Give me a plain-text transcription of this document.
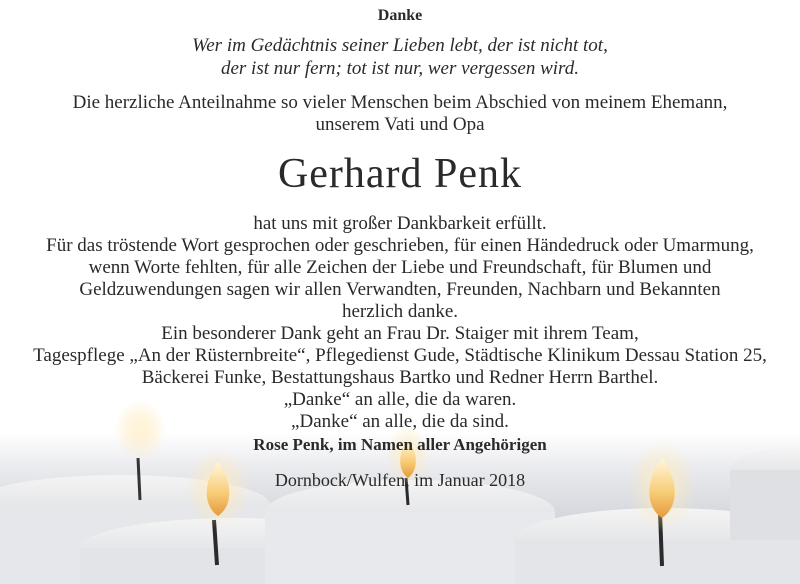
Danke
Wer im Gedächtnis seiner Lieben lebt, der ist nicht tot,
der ist nur fern; tot ist nur, wer vergessen wird.
Die herzliche Anteilnahme so vieler Menschen beim Abschied von meinem Ehemann,
unserem Vati und Opa
Gerhard Penk
hat uns mit großer Dankbarkeit erfüllt.
Für das tröstende Wort gesprochen oder geschrieben, für einen Händedruck oder Umarmung,
wenn Worte fehlten, für alle Zeichen der Liebe und Freundschaft, für Blumen und
Geldzuwendungen sagen wir allen Verwandten, Freunden, Nachbarn und Bekannten
herzlich danke.
Ein besonderer Dank geht an Frau Dr. Staiger mit ihrem Team,
Tagespflege „An der Rüsternbreite“, Pflegedienst Gude, Städtische Klinikum Dessau Station 25,
Bäckerei Funke, Bestattungshaus Bartko und Redner Herrn Barthel.
„Danke“ an alle, die da waren.
„Danke“ an alle, die da sind.
Rose Penk, im Namen aller Angehörigen
Dornbock/Wulfen, im Januar 2018
